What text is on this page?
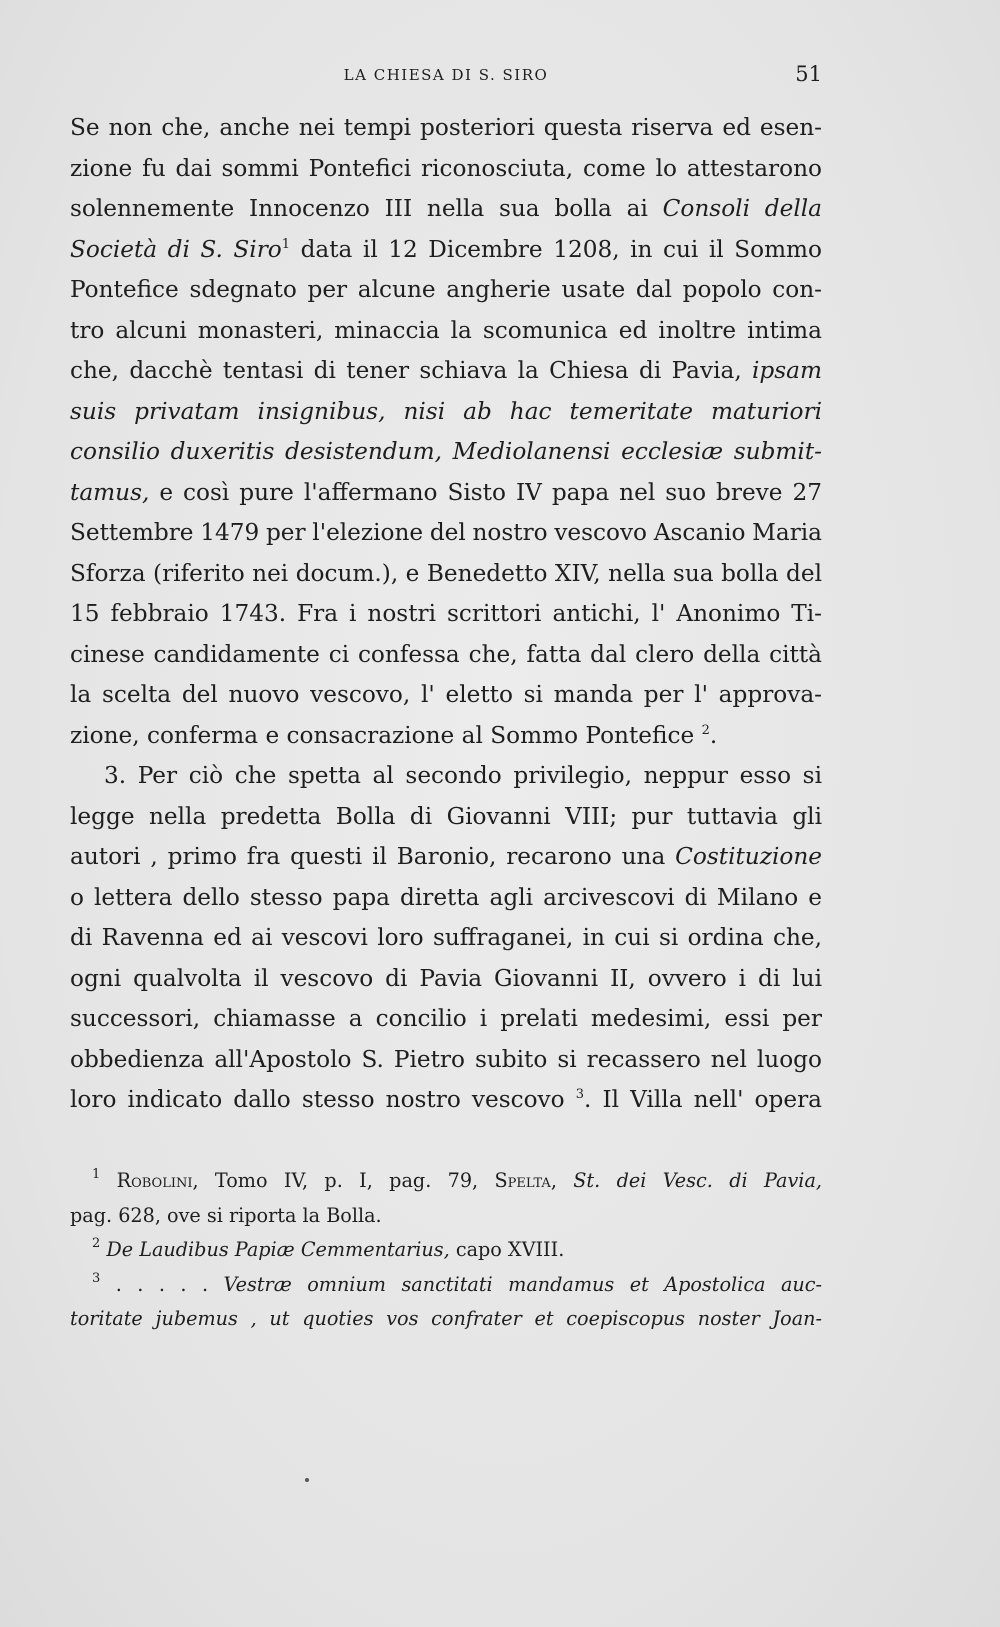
LA CHIESA DI S. SIRO	51
Se non che, anche nei tempi posteriori questa riserva ed esen-
zione fu dai sommi Pontefici riconosciuta, come lo attestarono
solennemente Innocenzo III nella sua bolla ai Consoli della
Società di S. Siro$^1$ data il 12 Dicembre 1208, in cui il Sommo
Pontefice sdegnato per alcune angherie usate dal popolo con-
tro alcuni monasteri, minaccia la scomunica ed inoltre intima
che, dacchè tentasi di tener schiava la Chiesa di Pavia, ipsam
suis privatam insignibus, nisi ab hac temeritate maturiori
consilio duxeritis desistendum, Mediolanensi ecclesiæ submit-
tamus, e così pure l'affermano Sisto IV papa nel suo breve 27
Settembre 1479 per l'elezione del nostro vescovo Ascanio Maria
Sforza (riferito nei docum.), e Benedetto XIV, nella sua bolla del
15 febbraio 1743. Fra i nostri scrittori antichi, l' Anonimo Ti-
cinese candidamente ci confessa che, fatta dal clero della città
la scelta del nuovo vescovo, l' eletto si manda per l' approva-
zione, conferma e consacrazione al Sommo Pontefice $^2$.
3. Per ciò che spetta al secondo privilegio, neppur esso si
legge nella predetta Bolla di Giovanni VIII; pur tuttavia gli
autori , primo fra questi il Baronio, recarono una Costituzione
o lettera dello stesso papa diretta agli arcivescovi di Milano e
di Ravenna ed ai vescovi loro suffraganei, in cui si ordina che,
ogni qualvolta il vescovo di Pavia Giovanni II, ovvero i di lui
successori, chiamasse a concilio i prelati medesimi, essi per
obbedienza all'Apostolo S. Pietro subito si recassero nel luogo
loro indicato dallo stesso nostro vescovo $^3$. Il Villa nell' opera
$^1$ Robolini, Tomo IV, p. I, pag. 79, Spelta, St. dei Vesc. di Pavia,
pag. 628, ove si riporta la Bolla.
$^2$ De Laudibus Papiæ Cemmentarius, capo XVIII.
$^3$ . . . . . Vestræ omnium sanctitati mandamus et Apostolica auc-
toritate jubemus , ut quoties vos confrater et coepiscopus noster Joan-
